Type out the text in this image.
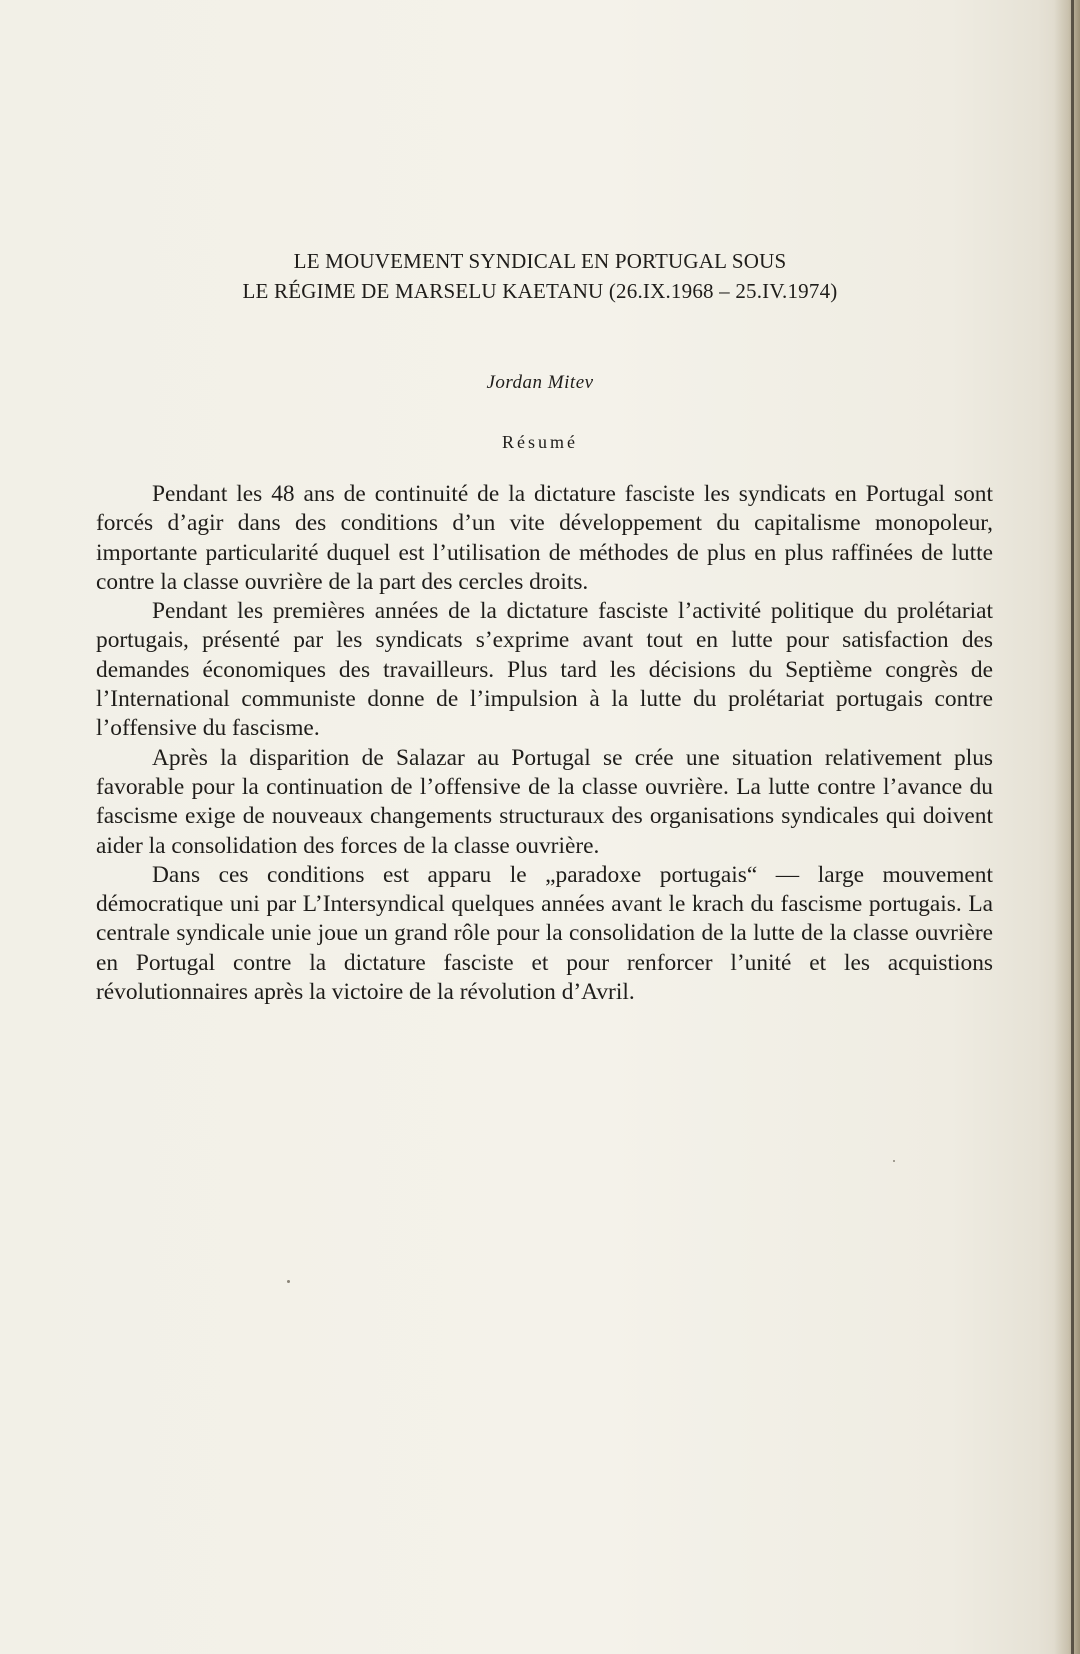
LE MOUVEMENT SYNDICAL EN PORTUGAL SOUS
LE RÉGIME DE MARSELU KAETANU (26.IX.1968 – 25.IV.1974)
Jordan Mitev
Résumé

Pendant les 48 ans de continuité de la dictature fasciste les syndicats en Portugal sont forcés d’agir dans des conditions d’un vite développement du capitalisme monopoleur, importante particularité duquel est l’utilisation de méthodes de plus en plus raffinées de lutte contre la classe ouvrière de la part des cercles droits.

Pendant les premières années de la dictature fasciste l’activité politique du prolétariat portugais, présenté par les syndicats s’exprime avant tout en lutte pour satisfaction des demandes économiques des travailleurs. Plus tard les décisions du Septième congrès de l’International communiste donne de l’impulsion à la lutte du prolétariat portugais contre l’offensive du fascisme.

Après la disparition de Salazar au Portugal se crée une situation relativement plus favorable pour la continuation de l’offensive de la classe ouvrière. La lutte contre l’avance du fascisme exige de nouveaux changements structuraux des organisations syndicales qui doivent aider la consolidation des forces de la classe ouvrière.

Dans ces conditions est apparu le „paradoxe portugais“ — large mouvement démocratique uni par L’Intersyndical quelques années avant le krach du fascisme portugais. La centrale syndicale unie joue un grand rôle pour la consolidation de la lutte de la classe ouvrière en Portugal contre la dictature fasciste et pour renforcer l’unité et les acquistions révolutionnaires après la victoire de la révolution d’Avril.
